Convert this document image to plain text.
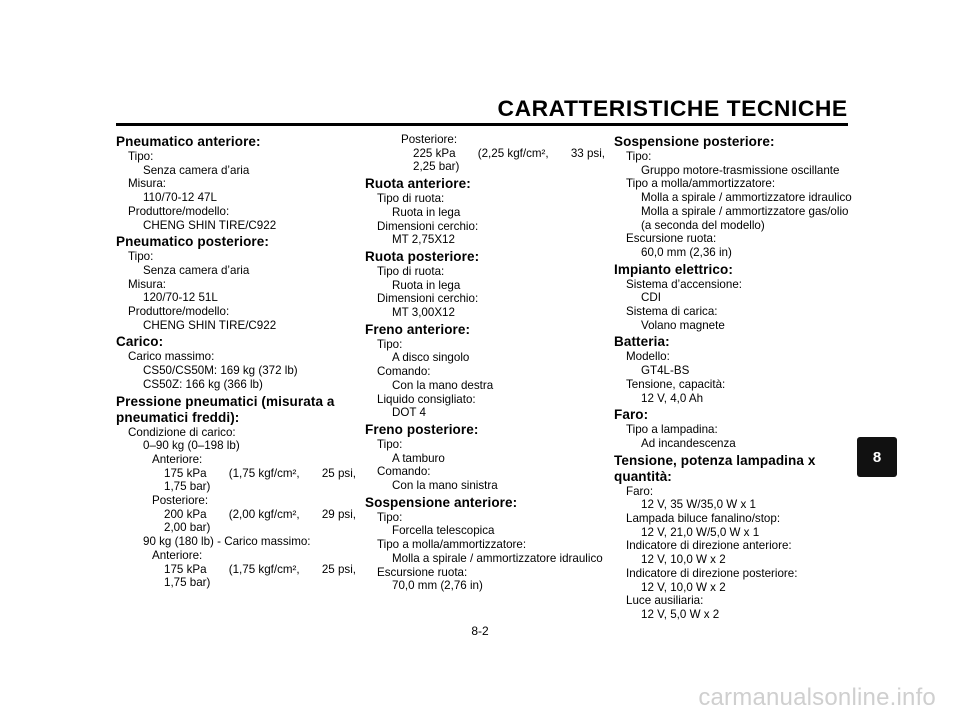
CARATTERISTICHE TECNICHE
Pneumatico anteriore:
Tipo:
Senza camera d’aria
Misura:
110/70-12 47L
Produttore/modello:
CHENG SHIN TIRE/C922
Pneumatico posteriore:
Tipo:
Senza camera d’aria
Misura:
120/70-12 51L
Produttore/modello:
CHENG SHIN TIRE/C922
Carico:
Carico massimo:
CS50/CS50M: 169 kg (372 lb)
CS50Z: 166 kg (366 lb)
Pressione pneumatici (misurata a
pneumatici freddi):
Condizione di carico:
0–90 kg (0–198 lb)
Anteriore:
175 kPa (1,75 kgf/cm², 25 psi,
1,75 bar)
Posteriore:
200 kPa (2,00 kgf/cm², 29 psi,
2,00 bar)
90 kg (180 lb) - Carico massimo:
Anteriore:
175 kPa (1,75 kgf/cm², 25 psi,
1,75 bar)
Posteriore:
225 kPa (2,25 kgf/cm², 33 psi,
2,25 bar)
Ruota anteriore:
Tipo di ruota:
Ruota in lega
Dimensioni cerchio:
MT 2,75X12
Ruota posteriore:
Tipo di ruota:
Ruota in lega
Dimensioni cerchio:
MT 3,00X12
Freno anteriore:
Tipo:
A disco singolo
Comando:
Con la mano destra
Liquido consigliato:
DOT 4
Freno posteriore:
Tipo:
A tamburo
Comando:
Con la mano sinistra
Sospensione anteriore:
Tipo:
Forcella telescopica
Tipo a molla/ammortizzatore:
Molla a spirale / ammortizzatore idraulico
Escursione ruota:
70,0 mm (2,76 in)
Sospensione posteriore:
Tipo:
Gruppo motore-trasmissione oscillante
Tipo a molla/ammortizzatore:
Molla a spirale / ammortizzatore idraulico
Molla a spirale / ammortizzatore gas/olio
(a seconda del modello)
Escursione ruota:
60,0 mm (2,36 in)
Impianto elettrico:
Sistema d’accensione:
CDI
Sistema di carica:
Volano magnete
Batteria:
Modello:
GT4L-BS
Tensione, capacità:
12 V, 4,0 Ah
Faro:
Tipo a lampadina:
Ad incandescenza
Tensione, potenza lampadina x
quantità:
Faro:
12 V, 35 W/35,0 W x 1
Lampada biluce fanalino/stop:
12 V, 21,0 W/5,0 W x 1
Indicatore di direzione anteriore:
12 V, 10,0 W x 2
Indicatore di direzione posteriore:
12 V, 10,0 W x 2
Luce ausiliaria:
12 V, 5,0 W x 2
8
8-2
carmanualsonline.info
